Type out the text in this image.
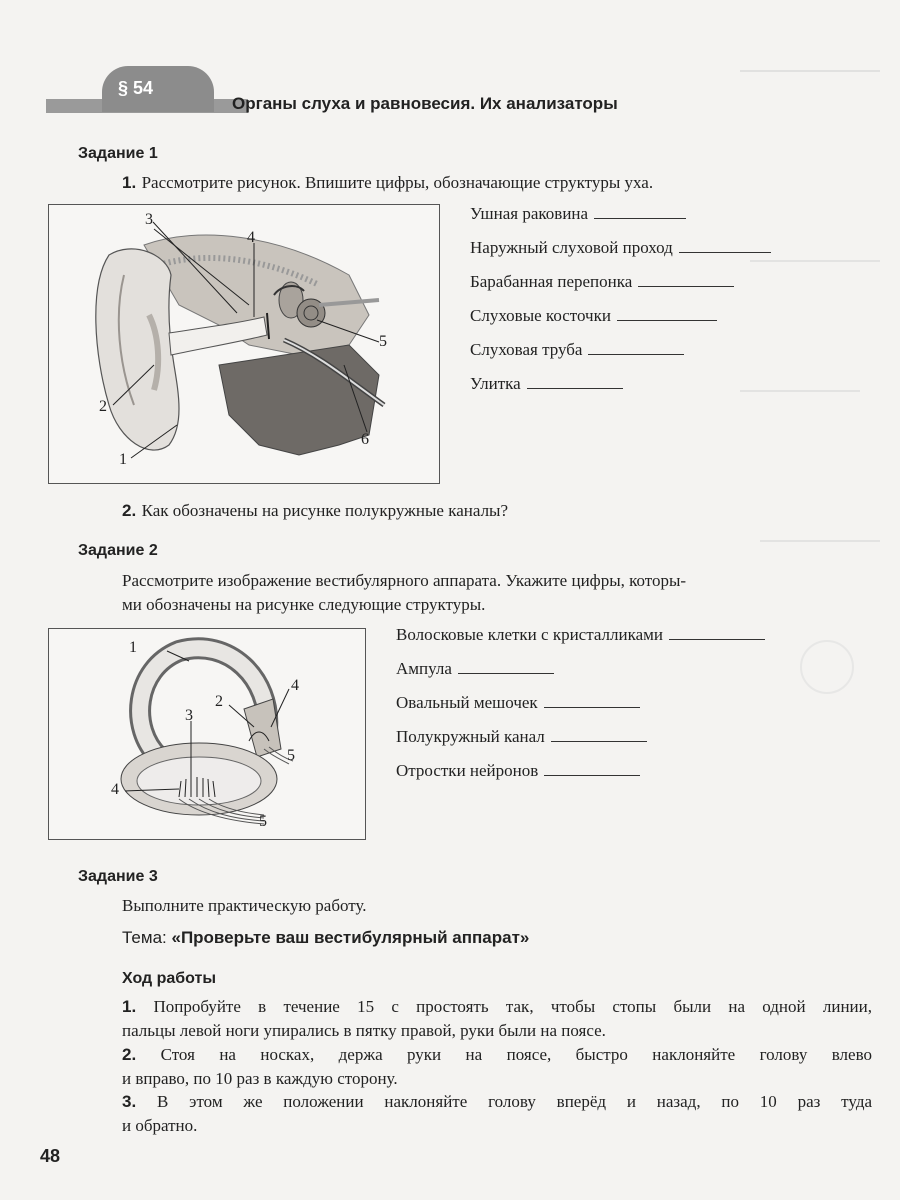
§ 54
Органы слуха и равновесия. Их анализаторы
Задание 1
1. Рассмотрите рисунок. Впишите цифры, обозначающие структуры уха.
3
4
5
6
2
1
Ушная раковина
Наружный слуховой проход
Барабанная перепонка
Слуховые косточки
Слуховая труба
Улитка
2. Как обозначены на рисунке полукружные каналы?
Задание 2
Рассмотрите изображение вестибулярного аппарата. Укажите цифры, которы-
ми обозначены на рисунке следующие структуры.
1
2
3
4
4
5
5
Волосковые клетки с кристалликами
Ампула
Овальный мешочек
Полукружный канал
Отростки нейронов
Задание 3
Выполните практическую работу.
Тема: «Проверьте ваш вестибулярный аппарат»
Ход работы
1. Попробуйте в течение 15 с простоять так, чтобы стопы были на одной линии,
пальцы левой ноги упирались в пятку правой, руки были на поясе.
2. Стоя на носках, держа руки на поясе, быстро наклоняйте голову влево
и вправо, по 10 раз в каждую сторону.
3. В этом же положении наклоняйте голову вперёд и назад, по 10 раз туда
и обратно.
48
